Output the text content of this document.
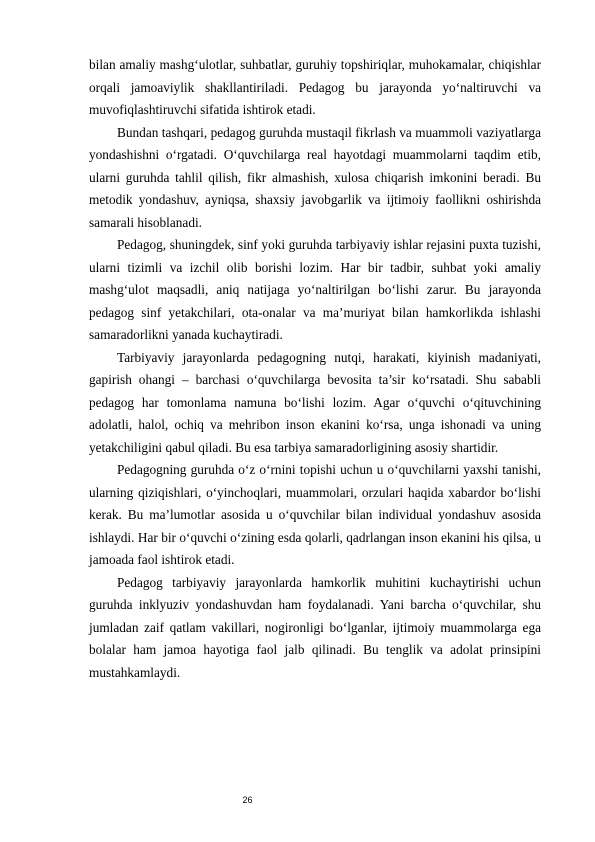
bilan amaliy mashg‘ulotlar, suhbatlar, guruhiy topshiriqlar, muhokamalar, chiqishlar orqali jamoaviylik shakllantiriladi. Pedagog bu jarayonda yo‘naltiruvchi va muvofiqlashtiruvchi sifatida ishtirok etadi.

Bundan tashqari, pedagog guruhda mustaqil fikrlash va muammoli vaziyatlarga yondashishni o‘rgatadi. O‘quvchilarga real hayotdagi muammolarni taqdim etib, ularni guruhda tahlil qilish, fikr almashish, xulosa chiqarish imkonini beradi. Bu metodik yondashuv, ayniqsa, shaxsiy javobgarlik va ijtimoiy faollikni oshirishda samarali hisoblanadi.

Pedagog, shuningdek, sinf yoki guruhda tarbiyaviy ishlar rejasini puxta tuzishi, ularni tizimli va izchil olib borishi lozim. Har bir tadbir, suhbat yoki amaliy mashg‘ulot maqsadli, aniq natijaga yo‘naltirilgan bo‘lishi zarur. Bu jarayonda pedagog sinf yetakchilari, ota-onalar va ma’muriyat bilan hamkorlikda ishlashi samaradorlikni yanada kuchaytiradi.

Tarbiyaviy jarayonlarda pedagogning nutqi, harakati, kiyinish madaniyati, gapirish ohangi – barchasi o‘quvchilarga bevosita ta’sir ko‘rsatadi. Shu sababli pedagog har tomonlama namuna bo‘lishi lozim. Agar o‘quvchi o‘qituvchining adolatli, halol, ochiq va mehribon inson ekanini ko‘rsa, unga ishonadi va uning yetakchiligini qabul qiladi. Bu esa tarbiya samaradorligining asosiy shartidir.

Pedagogning guruhda o‘z o‘rnini topishi uchun u o‘quvchilarni yaxshi tanishi, ularning qiziqishlari, o‘yinchoqlari, muammolari, orzulari haqida xabardor bo‘lishi kerak. Bu ma’lumotlar asosida u o‘quvchilar bilan individual yondashuv asosida ishlaydi. Har bir o‘quvchi o‘zining esda qolarli, qadrlangan inson ekanini his qilsa, u jamoada faol ishtirok etadi.

Pedagog tarbiyaviy jarayonlarda hamkorlik muhitini kuchaytirishi uchun guruhda inklyuziv yondashuvdan ham foydalanadi. Yani barcha o‘quvchilar, shu jumladan zaif qatlam vakillari, nogironligi bo‘lganlar, ijtimoiy muammolarga ega bolalar ham jamoa hayotiga faol jalb qilinadi. Bu tenglik va adolat prinsipini mustahkamlaydi.

26
